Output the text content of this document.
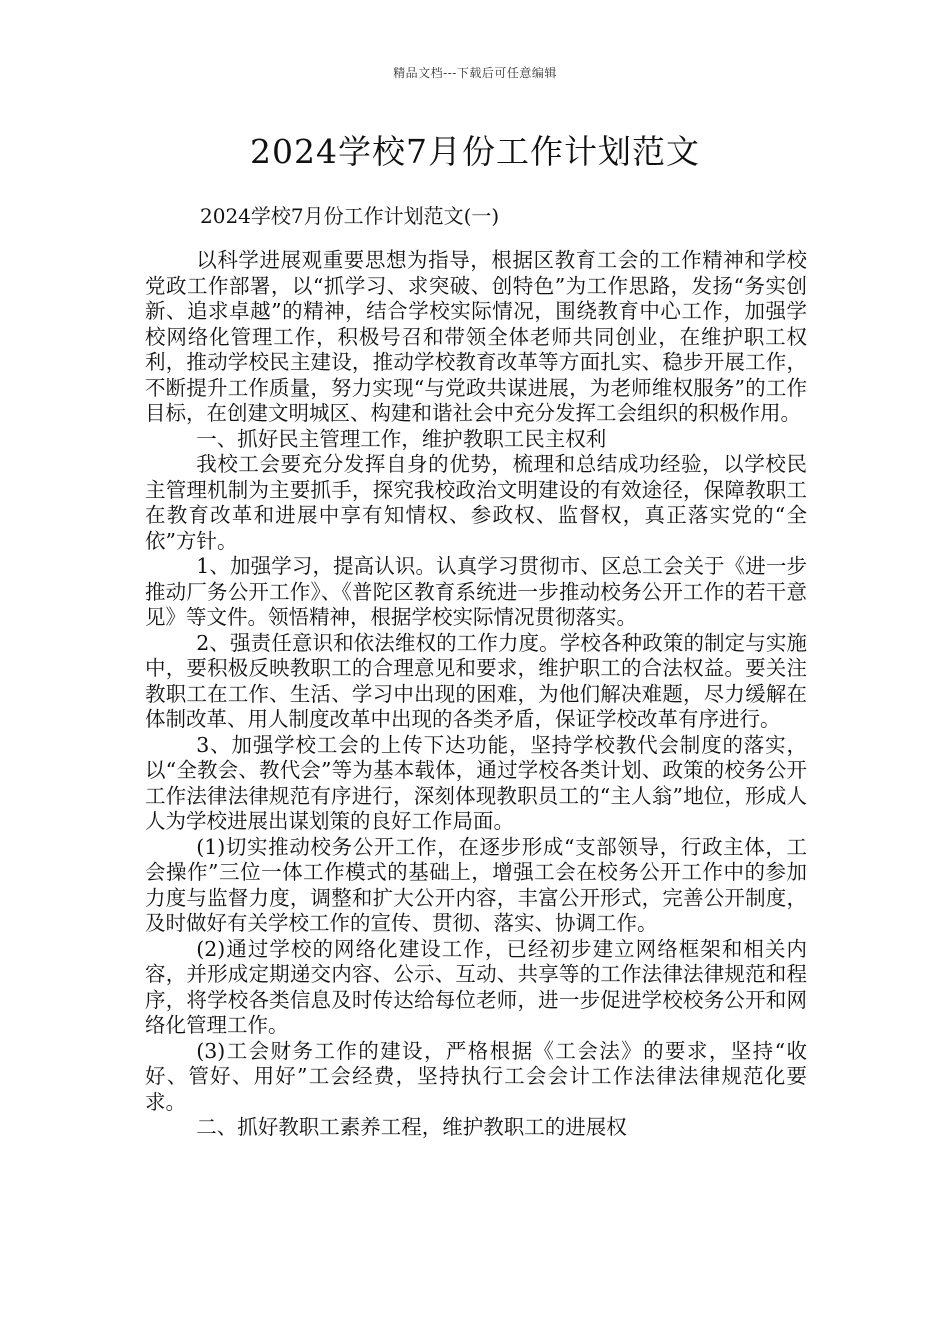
精品文档---下载后可任意编辑
2024学校7月份工作计划范文

2024学校7月份工作计划范文(一)

以科学进展观重要思想为指导，根据区教育工会的工作精神和学校党政工作部署，以“抓学习、求突破、创特色”为工作思路，发扬“务实创新、追求卓越”的精神，结合学校实际情况，围绕教育中心工作，加强学校网络化管理工作，积极号召和带领全体老师共同创业，在维护职工权利，推动学校民主建设，推动学校教育改革等方面扎实、稳步开展工作，不断提升工作质量，努力实现“与党政共谋进展，为老师维权服务”的工作目标，在创建文明城区、构建和谐社会中充分发挥工会组织的积极作用。

一、抓好民主管理工作，维护教职工民主权利

我校工会要充分发挥自身的优势，梳理和总结成功经验，以学校民主管理机制为主要抓手，探究我校政治文明建设的有效途径，保障教职工在教育改革和进展中享有知情权、参政权、监督权，真正落实党的“全依”方针。

1、加强学习，提高认识。认真学习贯彻市、区总工会关于《进一步推动厂务公开工作》、《普陀区教育系统进一步推动校务公开工作的若干意见》等文件。领悟精神，根据学校实际情况贯彻落实。

2、强责任意识和依法维权的工作力度。学校各种政策的制定与实施中，要积极反映教职工的合理意见和要求，维护职工的合法权益。要关注教职工在工作、生活、学习中出现的困难，为他们解决难题，尽力缓解在体制改革、用人制度改革中出现的各类矛盾，保证学校改革有序进行。

3、加强学校工会的上传下达功能，坚持学校教代会制度的落实，以“全教会、教代会”等为基本载体，通过学校各类计划、政策的校务公开工作法律法律规范有序进行，深刻体现教职员工的“主人翁”地位，形成人人为学校进展出谋划策的良好工作局面。

(1)切实推动校务公开工作，在逐步形成“支部领导，行政主体，工会操作”三位一体工作模式的基础上，增强工会在校务公开工作中的参加力度与监督力度，调整和扩大公开内容，丰富公开形式，完善公开制度，及时做好有关学校工作的宣传、贯彻、落实、协调工作。

(2)通过学校的网络化建设工作，已经初步建立网络框架和相关内容，并形成定期递交内容、公示、互动、共享等的工作法律法律规范和程序，将学校各类信息及时传达给每位老师，进一步促进学校校务公开和网络化管理工作。

(3)工会财务工作的建设，严格根据《工会法》的要求，坚持“收好、管好、用好”工会经费，坚持执行工会会计工作法律法律规范化要求。

二、抓好教职工素养工程，维护教职工的进展权
